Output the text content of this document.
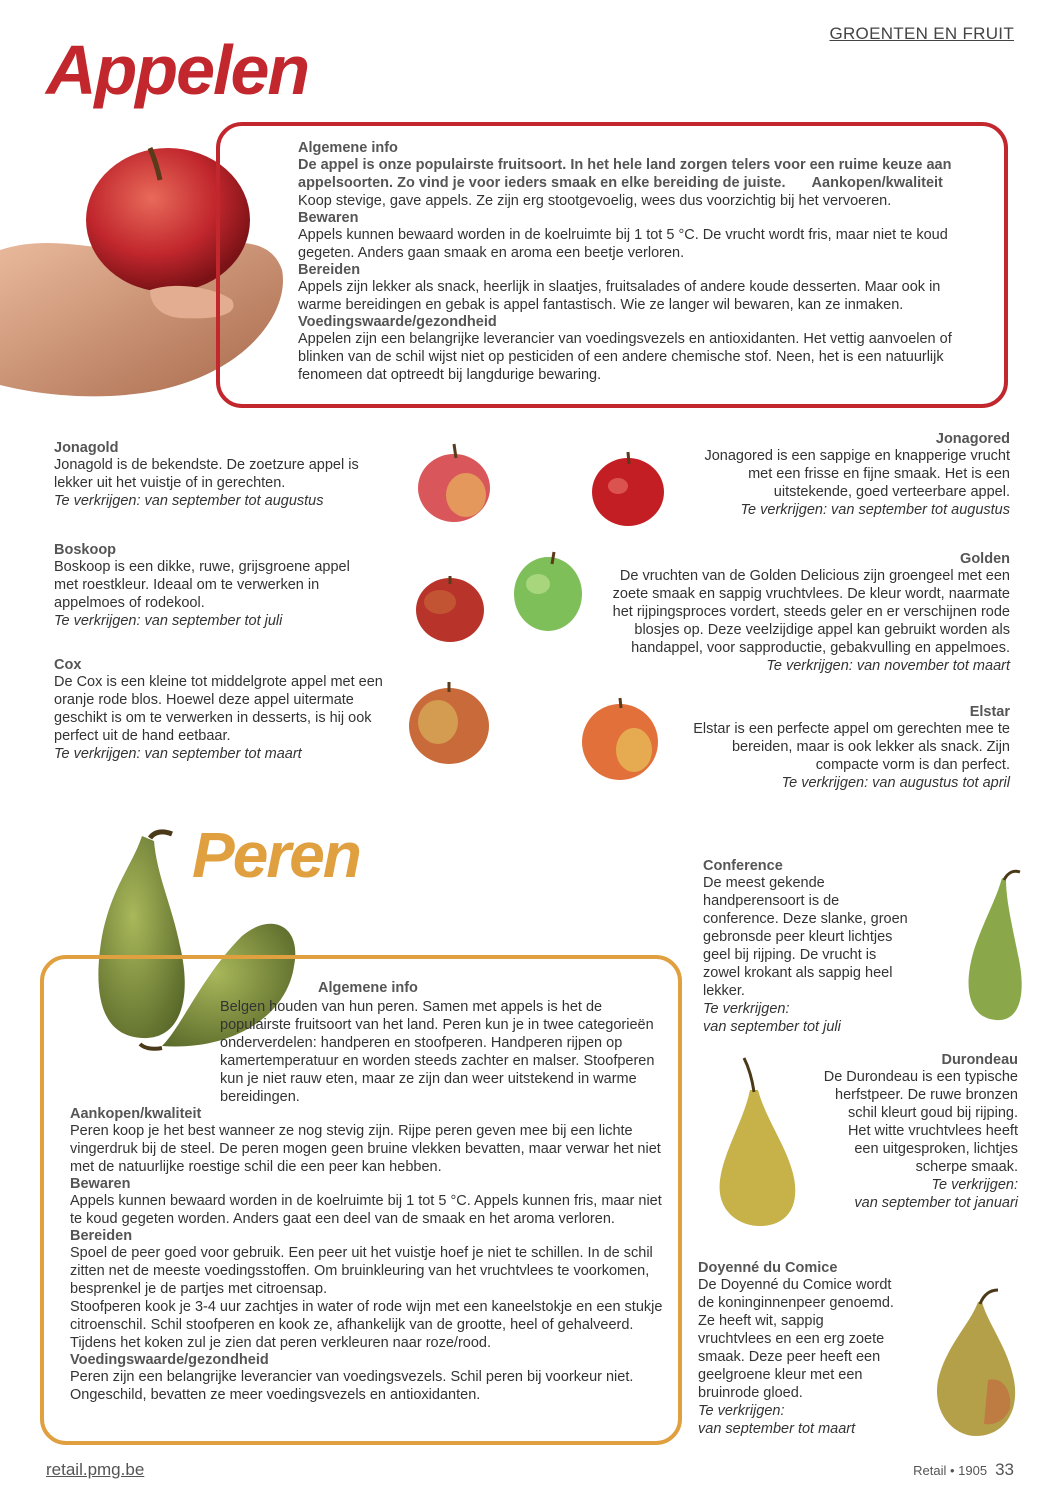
GROENTEN EN FRUIT
Appelen
Algemene info

De appel is onze populairste fruitsoort. In het hele land zorgen telers voor een ruime keuze aan appelsoorten. Zo vind je voor ieders smaak en elke bereiding de juiste. Aankopen/kwaliteit

Koop stevige, gave appels. Ze zijn erg stootgevoelig, wees dus voorzichtig bij het vervoeren.

Bewaren

Appels kunnen bewaard worden in de koelruimte bij 1 tot 5 °C. De vrucht wordt fris, maar niet te koud gegeten. Anders gaan smaak en aroma een beetje verloren.

Bereiden

Appels zijn lekker als snack, heerlijk in slaatjes, fruitsalades of andere koude desserten. Maar ook in warme bereidingen en gebak is appel fantastisch. Wie ze langer wil bewaren, kan ze inmaken.

Voedingswaarde/gezondheid

Appelen zijn een belangrijke leverancier van voedingsvezels en antioxidanten. Het vettig aanvoelen of blinken van de schil wijst niet op pesticiden of een andere chemische stof. Neen, het is een natuurlijk fenomeen dat optreedt bij langdurige bewaring.

Jonagold

Jonagold is de bekendste. De zoetzure appel is lekker uit het vuistje of in gerechten.

Te verkrijgen: van september tot augustus

Jonagored

Jonagored is een sappige en knapperige vrucht met een frisse en fijne smaak. Het is een uitstekende, goed verteerbare appel.

Te verkrijgen: van september tot augustus

Boskoop

Boskoop is een dikke, ruwe, grijsgroene appel met roestkleur. Ideaal om te verwerken in appelmoes of rodekool.

Te verkrijgen: van september tot juli

Golden

De vruchten van de Golden Delicious zijn groengeel met een zoete smaak en sappig vruchtvlees. De kleur wordt, naarmate het rijpingsproces vordert, steeds geler en er verschijnen rode blosjes op. Deze veelzijdige appel kan gebruikt worden als handappel, voor sapproductie, gebakvulling en appelmoes.

Te verkrijgen: van november tot maart

Cox

De Cox is een kleine tot middelgrote appel met een oranje rode blos. Hoewel deze appel uitermate geschikt is om te verwerken in desserts, is hij ook perfect uit de hand eetbaar.

Te verkrijgen: van september tot maart

Elstar

Elstar is een perfecte appel om gerechten mee te bereiden, maar is ook lekker als snack. Zijn compacte vorm is dan perfect.

Te verkrijgen: van augustus tot april

Peren
Algemene info

Belgen houden van hun peren. Samen met appels is het de populairste fruitsoort van het land. Peren kun je in twee categorieën onderverdelen: handperen en stoofperen. Handperen rijpen op kamertemperatuur en worden steeds zachter en malser. Stoofperen kun je niet rauw eten, maar ze zijn dan weer uitstekend in warme bereidingen.

Aankopen/kwaliteit

Peren koop je het best wanneer ze nog stevig zijn. Rijpe peren geven mee bij een lichte vingerdruk bij de steel. De peren mogen geen bruine vlekken bevatten, maar verwar het niet met de natuurlijke roestige schil die een peer kan hebben.

Bewaren

Appels kunnen bewaard worden in de koelruimte bij 1 tot 5 °C. Appels kunnen fris, maar niet te koud gegeten worden. Anders gaat een deel van de smaak en het aroma verloren.

Bereiden

Spoel de peer goed voor gebruik. Een peer uit het vuistje hoef je niet te schillen. In de schil zitten net de meeste voedingsstoffen. Om bruinkleuring van het vruchtvlees te voorkomen, besprenkel je de partjes met citroensap.

Stoofperen kook je 3-4 uur zachtjes in water of rode wijn met een kaneelstokje en een stukje citroenschil. Schil stoofperen en kook ze, afhankelijk van de grootte, heel of gehalveerd. Tijdens het koken zul je zien dat peren verkleuren naar roze/rood.

Voedingswaarde/gezondheid

Peren zijn een belangrijke leverancier van voedingsvezels. Schil peren bij voorkeur niet. Ongeschild, bevatten ze meer voedingsvezels en antioxidanten.

Conference

De meest gekende handperensoort is de conference. Deze slanke, groen gebronsde peer kleurt lichtjes geel bij rijping. De vrucht is zowel krokant als sappig heel lekker.

Te verkrijgen:

van september tot juli

Durondeau

De Durondeau is een typische herfstpeer. De ruwe bronzen schil kleurt goud bij rijping. Het witte vruchtvlees heeft een uitgesproken, lichtjes scherpe smaak.

Te verkrijgen:

van september tot januari

Doyenné du Comice

De Doyenné du Comice wordt de koninginnenpeer genoemd. Ze heeft wit, sappig vruchtvlees en een erg zoete smaak. Deze peer heeft een geelgroene kleur met een bruinrode gloed.

Te verkrijgen:

van september tot maart

retail.pmg.be	Retail • 1905 33
